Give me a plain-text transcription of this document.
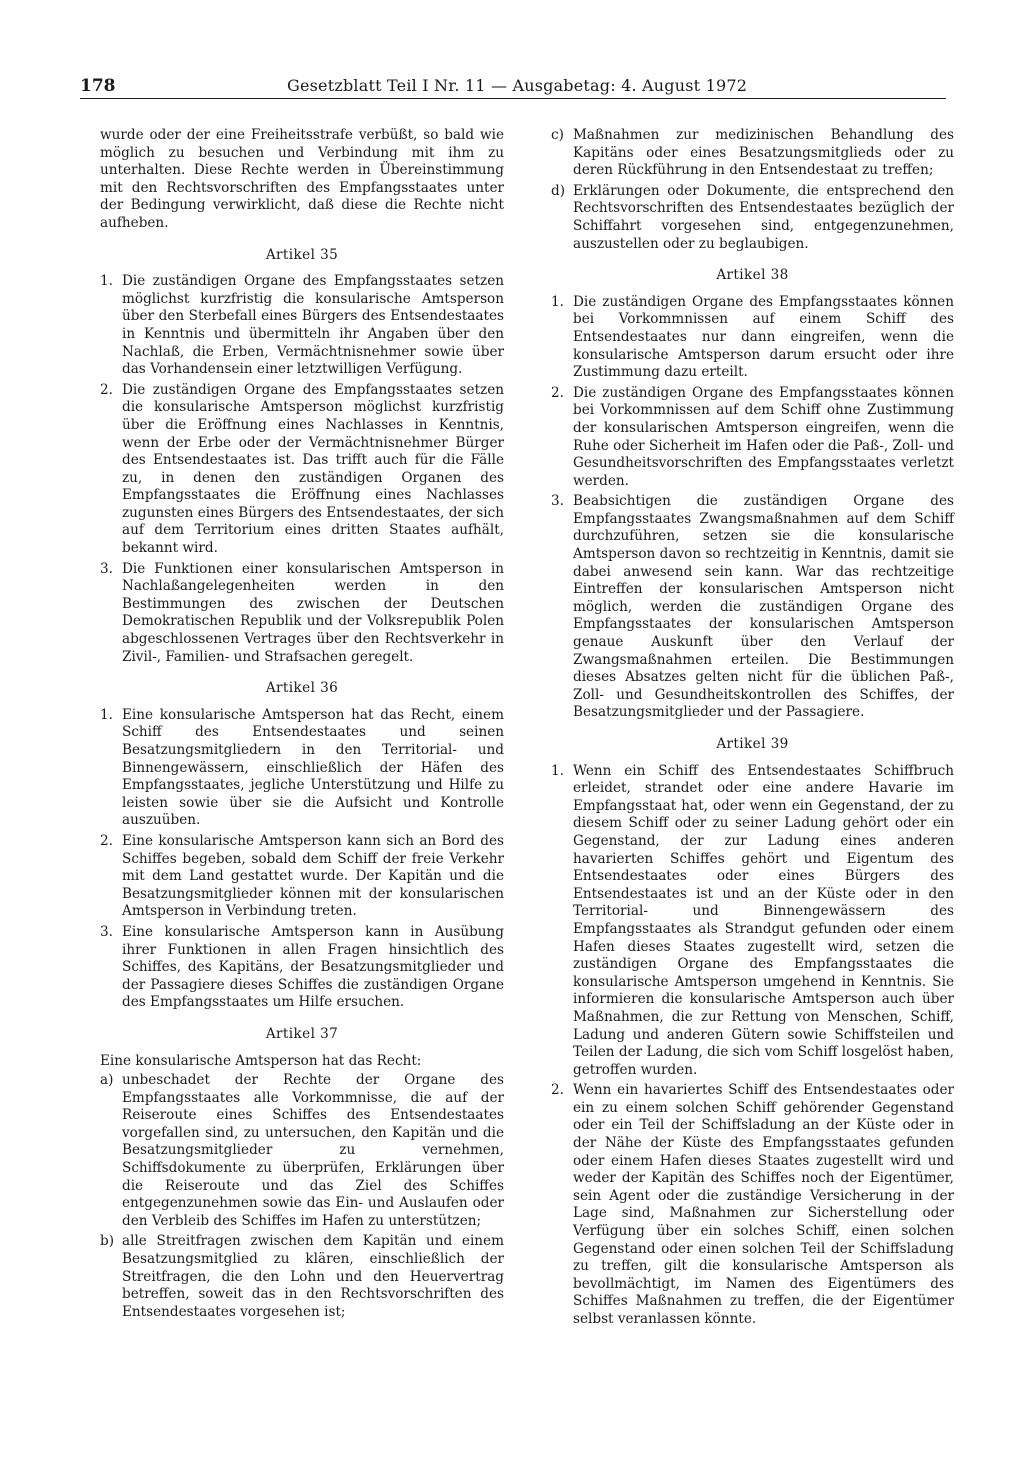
178	Gesetzblatt Teil I Nr. 11 — Ausgabetag: 4. August 1972

wurde oder der eine Freiheitsstrafe verbüßt, so bald wie möglich zu besuchen und Verbindung mit ihm zu unterhalten. Diese Rechte werden in Übereinstimmung mit den Rechtsvorschriften des Empfangsstaates unter der Bedingung verwirklicht, daß diese die Rechte nicht aufheben.

Artikel 35
1. Die zuständigen Organe des Empfangsstaates setzen möglichst kurzfristig die konsularische Amtsperson über den Sterbefall eines Bürgers des Entsendestaates in Kenntnis und übermitteln ihr Angaben über den Nachlaß, die Erben, Vermächtnisnehmer sowie über das Vorhandensein einer letztwilligen Verfügung.

2. Die zuständigen Organe des Empfangsstaates setzen die konsularische Amtsperson möglichst kurzfristig über die Eröffnung eines Nachlasses in Kenntnis, wenn der Erbe oder der Vermächtnisnehmer Bürger des Entsendestaates ist. Das trifft auch für die Fälle zu, in denen den zuständigen Organen des Empfangsstaates die Eröffnung eines Nachlasses zugunsten eines Bürgers des Entsendestaates, der sich auf dem Territorium eines dritten Staates aufhält, bekannt wird.

3. Die Funktionen einer konsularischen Amtsperson in Nachlaßangelegenheiten werden in den Bestimmungen des zwischen der Deutschen Demokratischen Republik und der Volksrepublik Polen abgeschlossenen Vertrages über den Rechtsverkehr in Zivil-, Familien- und Strafsachen geregelt.

Artikel 36
1. Eine konsularische Amtsperson hat das Recht, einem Schiff des Entsendestaates und seinen Besatzungsmitgliedern in den Territorial- und Binnengewässern, einschließlich der Häfen des Empfangsstaates, jegliche Unterstützung und Hilfe zu leisten sowie über sie die Aufsicht und Kontrolle auszuüben.

2. Eine konsularische Amtsperson kann sich an Bord des Schiffes begeben, sobald dem Schiff der freie Verkehr mit dem Land gestattet wurde. Der Kapitän und die Besatzungsmitglieder können mit der konsularischen Amtsperson in Verbindung treten.

3. Eine konsularische Amtsperson kann in Ausübung ihrer Funktionen in allen Fragen hinsichtlich des Schiffes, des Kapitäns, der Besatzungsmitglieder und der Passagiere dieses Schiffes die zuständigen Organe des Empfangsstaates um Hilfe ersuchen.

Artikel 37

Eine konsularische Amtsperson hat das Recht:

a) unbeschadet der Rechte der Organe des Empfangsstaates alle Vorkommnisse, die auf der Reiseroute eines Schiffes des Entsendestaates vorgefallen sind, zu untersuchen, den Kapitän und die Besatzungsmitglieder zu vernehmen, Schiffsdokumente zu überprüfen, Erklärungen über die Reiseroute und das Ziel des Schiffes entgegenzunehmen sowie das Ein- und Auslaufen oder den Verbleib des Schiffes im Hafen zu unterstützen;

b) alle Streitfragen zwischen dem Kapitän und einem Besatzungsmitglied zu klären, einschließlich der Streitfragen, die den Lohn und den Heuervertrag betreffen, soweit das in den Rechtsvorschriften des Entsendestaates vorgesehen ist;

c) Maßnahmen zur medizinischen Behandlung des Kapitäns oder eines Besatzungsmitglieds oder zu deren Rückführung in den Entsendestaat zu treffen;

d) Erklärungen oder Dokumente, die entsprechend den Rechtsvorschriften des Entsendestaates bezüglich der Schiffahrt vorgesehen sind, entgegenzunehmen, auszustellen oder zu beglaubigen.

Artikel 38
1. Die zuständigen Organe des Empfangsstaates können bei Vorkommnissen auf einem Schiff des Entsendestaates nur dann eingreifen, wenn die konsularische Amtsperson darum ersucht oder ihre Zustimmung dazu erteilt.

2. Die zuständigen Organe des Empfangsstaates können bei Vorkommnissen auf dem Schiff ohne Zustimmung der konsularischen Amtsperson eingreifen, wenn die Ruhe oder Sicherheit im Hafen oder die Paß-, Zoll- und Gesundheitsvorschriften des Empfangsstaates verletzt werden.

3. Beabsichtigen die zuständigen Organe des Empfangsstaates Zwangsmaßnahmen auf dem Schiff durchzuführen, setzen sie die konsularische Amtsperson davon so rechtzeitig in Kenntnis, damit sie dabei anwesend sein kann. War das rechtzeitige Eintreffen der konsularischen Amtsperson nicht möglich, werden die zuständigen Organe des Empfangsstaates der konsularischen Amtsperson genaue Auskunft über den Verlauf der Zwangsmaßnahmen erteilen. Die Bestimmungen dieses Absatzes gelten nicht für die üblichen Paß-, Zoll- und Gesundheitskontrollen des Schiffes, der Besatzungsmitglieder und der Passagiere.

Artikel 39
1. Wenn ein Schiff des Entsendestaates Schiffbruch erleidet, strandet oder eine andere Havarie im Empfangsstaat hat, oder wenn ein Gegenstand, der zu diesem Schiff oder zu seiner Ladung gehört oder ein Gegenstand, der zur Ladung eines anderen havarierten Schiffes gehört und Eigentum des Entsendestaates oder eines Bürgers des Entsendestaates ist und an der Küste oder in den Territorial- und Binnengewässern des Empfangsstaates als Strandgut gefunden oder einem Hafen dieses Staates zugestellt wird, setzen die zuständigen Organe des Empfangsstaates die konsularische Amtsperson umgehend in Kenntnis. Sie informieren die konsularische Amtsperson auch über Maßnahmen, die zur Rettung von Menschen, Schiff, Ladung und anderen Gütern sowie Schiffsteilen und Teilen der Ladung, die sich vom Schiff losgelöst haben, getroffen wurden.

2. Wenn ein havariertes Schiff des Entsendestaates oder ein zu einem solchen Schiff gehörender Gegenstand oder ein Teil der Schiffsladung an der Küste oder in der Nähe der Küste des Empfangsstaates gefunden oder einem Hafen dieses Staates zugestellt wird und weder der Kapitän des Schiffes noch der Eigentümer, sein Agent oder die zuständige Versicherung in der Lage sind, Maßnahmen zur Sicherstellung oder Verfügung über ein solches Schiff, einen solchen Gegenstand oder einen solchen Teil der Schiffsladung zu treffen, gilt die konsularische Amtsperson als bevollmächtigt, im Namen des Eigentümers des Schiffes Maßnahmen zu treffen, die der Eigentümer selbst veranlassen könnte.
